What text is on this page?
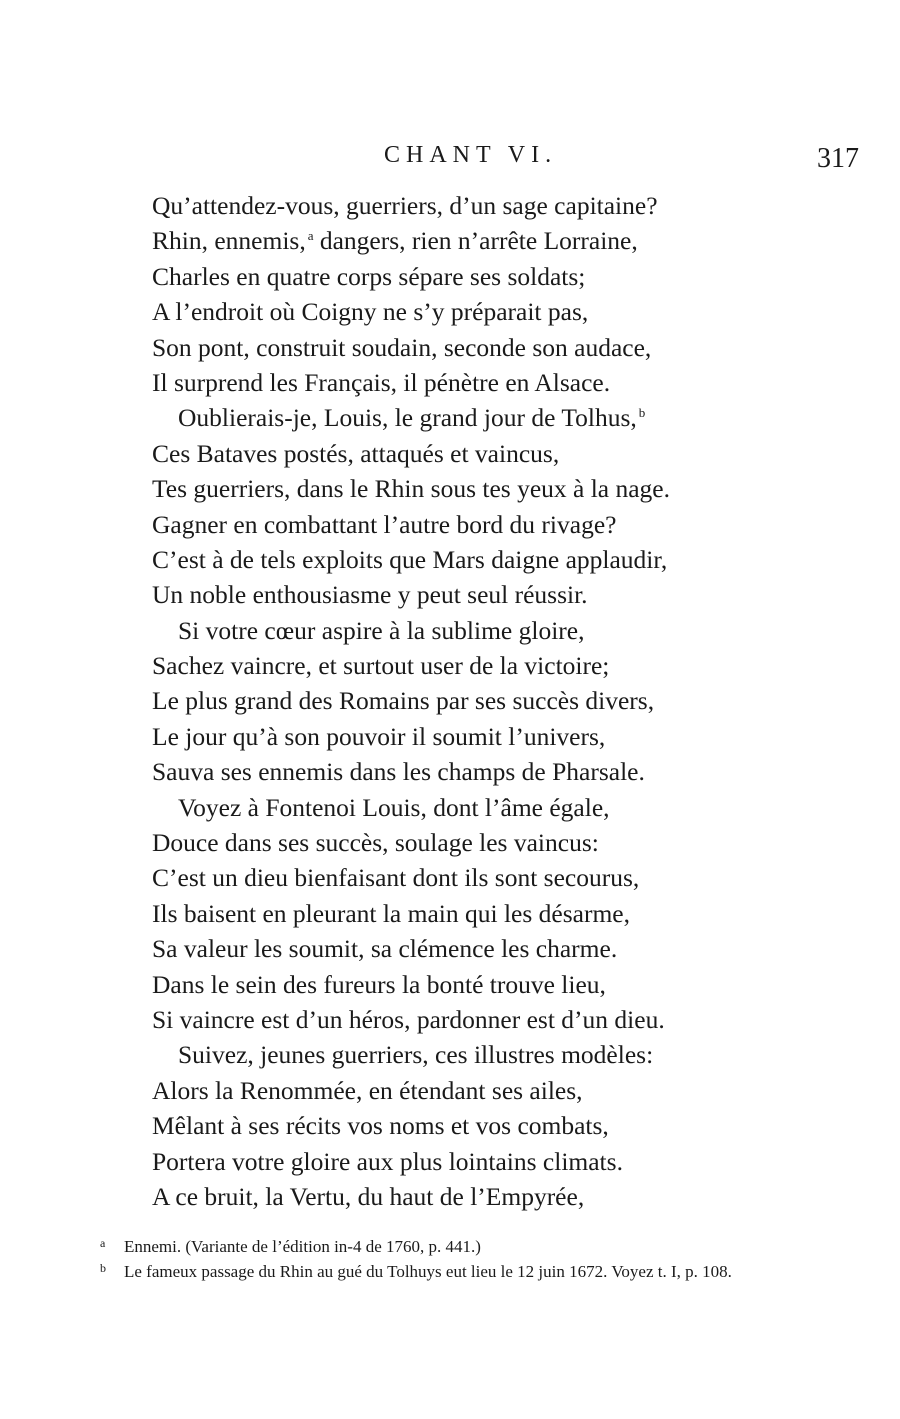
CHANT VI.	317
Qu’attendez-vous, guerriers, d’un sage capitaine?
Rhin, ennemis, $^a$ dangers, rien n’arrête Lorraine,
Charles en quatre corps sépare ses soldats;
A l’endroit où Coigny ne s’y préparait pas,
Son pont, construit soudain, seconde son audace,
Il surprend les Français, il pénètre en Alsace.
Oublierais-je, Louis, le grand jour de Tolhus, $^b$
Ces Bataves postés, attaqués et vaincus,
Tes guerriers, dans le Rhin sous tes yeux à la nage.
Gagner en combattant l’autre bord du rivage?
C’est à de tels exploits que Mars daigne applaudir,
Un noble enthousiasme y peut seul réussir.
Si votre cœur aspire à la sublime gloire,
Sachez vaincre, et surtout user de la victoire;
Le plus grand des Romains par ses succès divers,
Le jour qu’à son pouvoir il soumit l’univers,
Sauva ses ennemis dans les champs de Pharsale.
Voyez à Fontenoi Louis, dont l’âme égale,
Douce dans ses succès, soulage les vaincus:
C’est un dieu bienfaisant dont ils sont secourus,
Ils baisent en pleurant la main qui les désarme,
Sa valeur les soumit, sa clémence les charme.
Dans le sein des fureurs la bonté trouve lieu,
Si vaincre est d’un héros, pardonner est d’un dieu.
Suivez, jeunes guerriers, ces illustres modèles:
Alors la Renommée, en étendant ses ailes,
Mêlant à ses récits vos noms et vos combats,
Portera votre gloire aux plus lointains climats.
A ce bruit, la Vertu, du haut de l’Empyrée,
a Ennemi. (Variante de l’édition in-4 de 1760, p. 441.)
b Le fameux passage du Rhin au gué du Tolhuys eut lieu le 12 juin 1672. Voyez t. I, p. 108.
